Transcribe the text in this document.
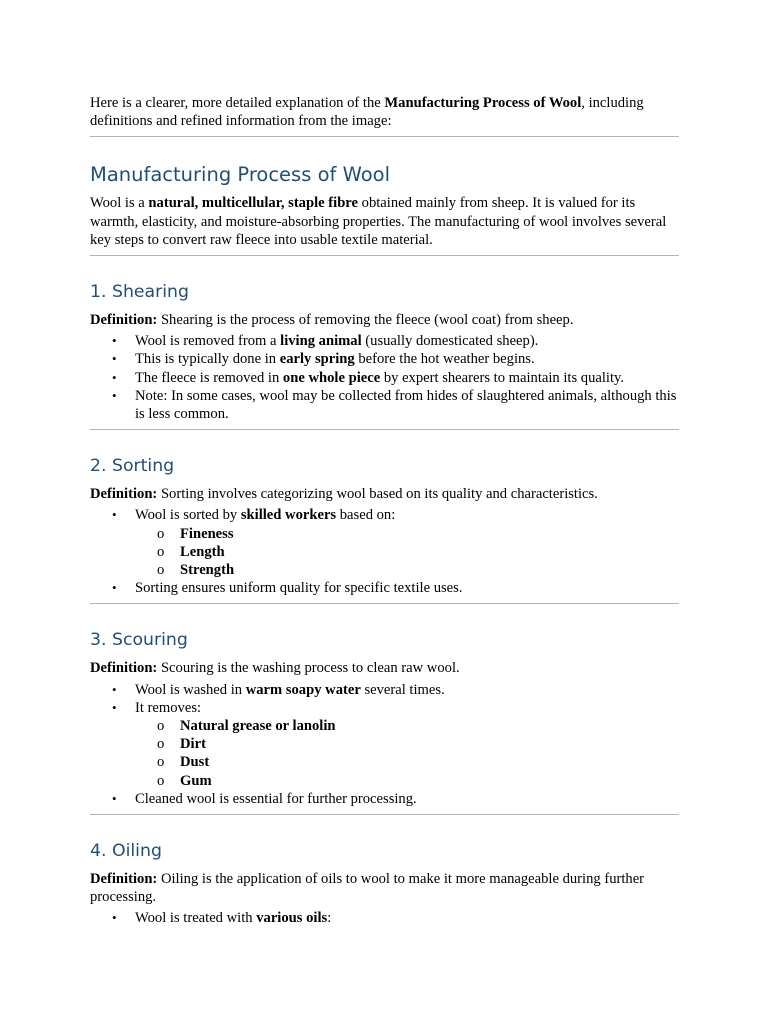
Here is a clearer, more detailed explanation of the Manufacturing Process of Wool, including definitions and refined information from the image:

Manufacturing Process of Wool

Wool is a natural, multicellular, staple fibre obtained mainly from sheep. It is valued for its warmth, elasticity, and moisture-absorbing properties. The manufacturing of wool involves several key steps to convert raw fleece into usable textile material.

1. Shearing

Definition: Shearing is the process of removing the fleece (wool coat) from sheep.

• Wool is removed from a living animal (usually domesticated sheep).
• This is typically done in early spring before the hot weather begins.
• The fleece is removed in one whole piece by expert shearers to maintain its quality.
• Note: In some cases, wool may be collected from hides of slaughtered animals, although this is less common.
2. Sorting

Definition: Sorting involves categorizing wool based on its quality and characteristics.

• Wool is sorted by skilled workers based on:
o Fineness
o Length
o Strength
• Sorting ensures uniform quality for specific textile uses.
3. Scouring

Definition: Scouring is the washing process to clean raw wool.

• Wool is washed in warm soapy water several times.
• It removes:
o Natural grease or lanolin
o Dirt
o Dust
o Gum
• Cleaned wool is essential for further processing.
4. Oiling

Definition: Oiling is the application of oils to wool to make it more manageable during further processing.

• Wool is treated with various oils:
